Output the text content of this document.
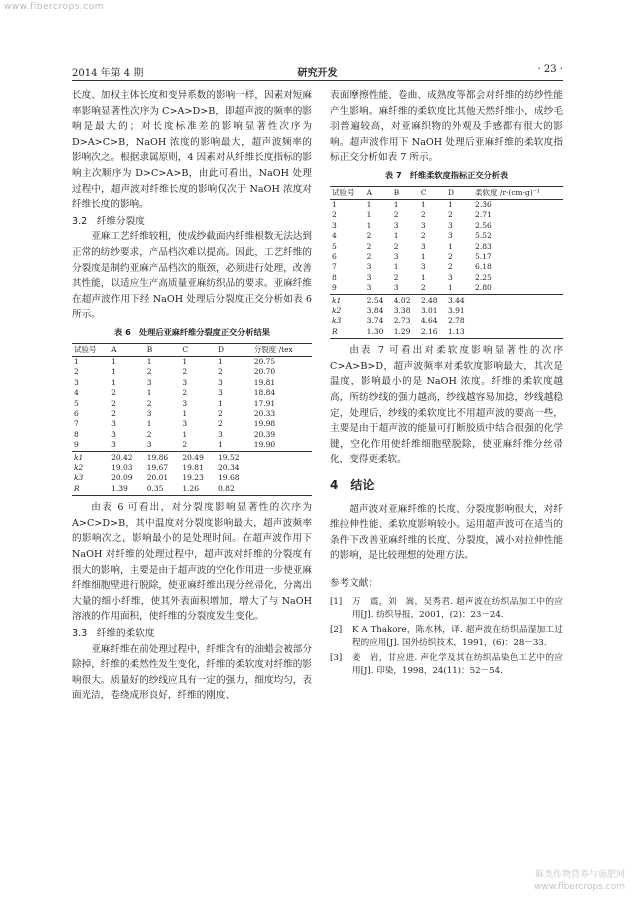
www.fibercrops.com
2014 年第 4 期	研究开发	· 23 ·

长度、加权主体长度和变异系数的影响一样，因素对短麻率影响显著性次序为 C>A>D>B，即超声波的频率的影响是最大的；对长度标准差的影响显著性次序为 D>A>C>B，NaOH 浓度的影响最大，超声波频率的影响次之。根据隶属原则，4 因素对从纤维长度指标的影响主次顺序为 D>C>A>B，由此可看出，NaOH 处理过程中，超声波对纤维长度的影响仅次于 NaOH 浓度对纤维长度的影响。

3.2　纤维分裂度

亚麻工艺纤维较粗，使成纱截面内纤维根数无法达到正常的纺纱要求，产品档次难以提高。因此，工艺纤维的分裂度是制约亚麻产品档次的瓶颈，必须进行处理，改善其性能，以适应生产高质量亚麻纺织品的要求。亚麻纤维在超声波作用下经 NaOH 处理后分裂度正交分析如表 6 所示。

表 6　处理后亚麻纤维分裂度正交分析结果
试验号	A	B	C	D	分裂度 /tex
1	1	1	1	1	20.75
2	1	2	2	2	20.70
3	1	3	3	3	19.81
4	2	1	2	3	18.84
5	2	2	3	1	17.91
6	2	3	1	2	20.33
7	3	1	3	2	19.98
8	3	2	1	3	20.39
9	3	3	2	1	19.90
k1	20.42	19.86	20.49	19.52	
k2	19.03	19.67	19.81	20.34	
k3	20.09	20.01	19.23	19.68	
R	1.39	0.35	1.26	0.82	

由表 6 可看出，对分裂度影响显著性的次序为 A>C>D>B，其中温度对分裂度影响最大，超声波频率的影响次之，影响最小的是处理时间。在超声波作用下 NaOH 对纤维的处理过程中，超声波对纤维的分裂度有很大的影响，主要是由于超声波的空化作用进一步使亚麻纤维细胞壁进行脱除，使亚麻纤维出现分丝帚化，分离出大量的细小纤维，使其外表面积增加，增大了与 NaOH 溶液的作用面积，使纤维的分裂度发生变化。

3.3　纤维的柔软度

亚麻纤维在前处理过程中，纤维含有的油蜡会被部分除掉，纤维的柔然性发生变化，纤维的柔软度对纤维的影响很大。质量好的纱线应具有一定的强力，细度均匀，表面光洁，卷绕成形良好，纤维的刚度、

表面摩擦性能、卷曲、成熟度等都会对纤维的纺纱性能产生影响。麻纤维的柔软度比其他天然纤维小，成纱毛羽普遍较高，对亚麻织物的外观及手感都有很大的影响。超声波作用下 NaOH 处理后亚麻纤维的柔软度指标正交分析如表 7 所示。

表 7　纤维柔软度指标正交分析表
试验号	A	B	C	D	柔软度 /r·(cm·g)⁻¹
1	1	1	1	1	2.36
2	1	2	2	2	2.71
3	1	3	3	3	2.56
4	2	1	2	3	5.52
5	2	2	3	1	2.83
6	2	3	1	2	5.17
7	3	1	3	2	6.18
8	3	2	1	3	2.25
9	3	3	2	1	2.80
k1	2.54	4.02	2.48	3.44	
k2	3.84	3.38	3.01	3.91	
k3	3.74	2.73	4.64	2.78	
R	1.30	1.29	2.16	1.13	

由表 7 可看出对柔软度影响显著性的次序 C>A>B>D，超声波频率对柔软度影响最大，其次是温度，影响最小的是 NaOH 浓度。纤维的柔软度越高，所纺纱线的强力越高，纱线越容易加捻，纱线越稳定，处理后，纱线的柔软度比不用超声波的要高一些，主要是由于超声波的能量可打断胶质中结合很强的化学键，空化作用使纤维细胞壁脱除，使亚麻纤维分丝帚化，变得更柔软。

4　结论

超声波对亚麻纤维的长度、分裂度影响很大，对纤维拉伸性能、柔软度影响较小。运用超声波可在适当的条件下改善亚麻纤维的长度、分裂度，减小对拉伸性能的影响，是比较理想的处理方法。

参考文献：
[1]	万　震，刘　嵩，吴秀君. 超声波在纺织品加工中的应用[J]. 纺织导报，2001，(2)：23－24.
[2]	K A Thakore，陈水林，译. 超声波在纺织品湿加工过程的应用[J]. 国外纺织技术，1991，(6)：28－33.
[3]	姜　岩，甘应进. 声化学及其在纺织品染色工艺中的应用[J]. 印染，1998，24(11)：52－54.
麻类作物营养与施肥网
www.fibercrops.com
